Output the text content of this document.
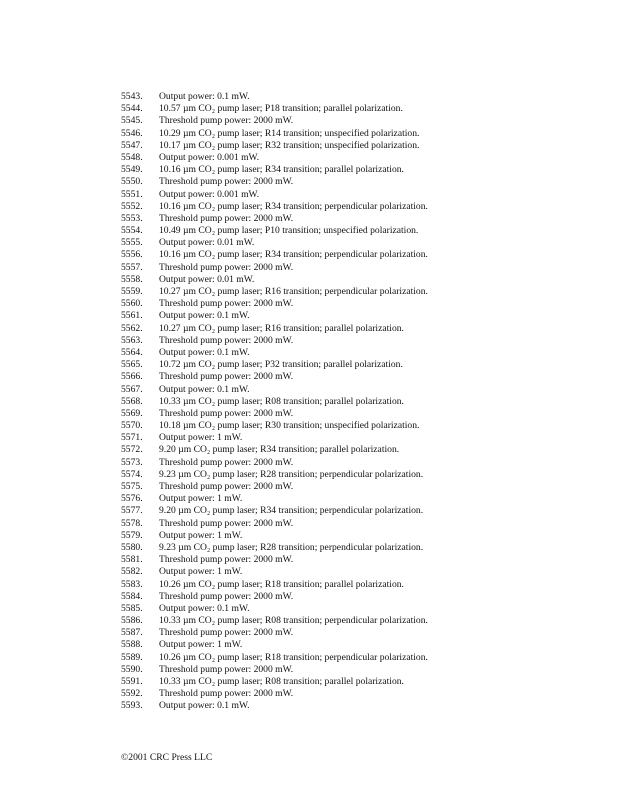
5543. Output power: 0.1 mW.
5544. 10.57 µm CO₂ pump laser; P18 transition; parallel polarization.
5545. Threshold pump power: 2000 mW.
5546. 10.29 µm CO₂ pump laser; R14 transition; unspecified polarization.
5547. 10.17 µm CO₂ pump laser; R32 transition; unspecified polarization.
5548. Output power: 0.001 mW.
5549. 10.16 µm CO₂ pump laser; R34 transition; parallel polarization.
5550. Threshold pump power: 2000 mW.
5551. Output power: 0.001 mW.
5552. 10.16 µm CO₂ pump laser; R34 transition; perpendicular polarization.
5553. Threshold pump power: 2000 mW.
5554. 10.49 µm CO₂ pump laser; P10 transition; unspecified polarization.
5555. Output power: 0.01 mW.
5556. 10.16 µm CO₂ pump laser; R34 transition; perpendicular polarization.
5557. Threshold pump power: 2000 mW.
5558. Output power: 0.01 mW.
5559. 10.27 µm CO₂ pump laser; R16 transition; perpendicular polarization.
5560. Threshold pump power: 2000 mW.
5561. Output power: 0.1 mW.
5562. 10.27 µm CO₂ pump laser; R16 transition; parallel polarization.
5563. Threshold pump power: 2000 mW.
5564. Output power: 0.1 mW.
5565. 10.72 µm CO₂ pump laser; P32 transition; parallel polarization.
5566. Threshold pump power: 2000 mW.
5567. Output power: 0.1 mW.
5568. 10.33 µm CO₂ pump laser; R08 transition; parallel polarization.
5569. Threshold pump power: 2000 mW.
5570. 10.18 µm CO₂ pump laser; R30 transition; unspecified polarization.
5571. Output power: 1 mW.
5572. 9.20 µm CO₂ pump laser; R34 transition; parallel polarization.
5573. Threshold pump power: 2000 mW.
5574. 9.23 µm CO₂ pump laser; R28 transition; perpendicular polarization.
5575. Threshold pump power: 2000 mW.
5576. Output power: 1 mW.
5577. 9.20 µm CO₂ pump laser; R34 transition; perpendicular polarization.
5578. Threshold pump power: 2000 mW.
5579. Output power: 1 mW.
5580. 9.23 µm CO₂ pump laser; R28 transition; perpendicular polarization.
5581. Threshold pump power: 2000 mW.
5582. Output power: 1 mW.
5583. 10.26 µm CO₂ pump laser; R18 transition; parallel polarization.
5584. Threshold pump power: 2000 mW.
5585. Output power: 0.1 mW.
5586. 10.33 µm CO₂ pump laser; R08 transition; perpendicular polarization.
5587. Threshold pump power: 2000 mW.
5588. Output power: 1 mW.
5589. 10.26 µm CO₂ pump laser; R18 transition; perpendicular polarization.
5590. Threshold pump power: 2000 mW.
5591. 10.33 µm CO₂ pump laser; R08 transition; parallel polarization.
5592. Threshold pump power: 2000 mW.
5593. Output power: 0.1 mW.
©2001 CRC Press LLC
